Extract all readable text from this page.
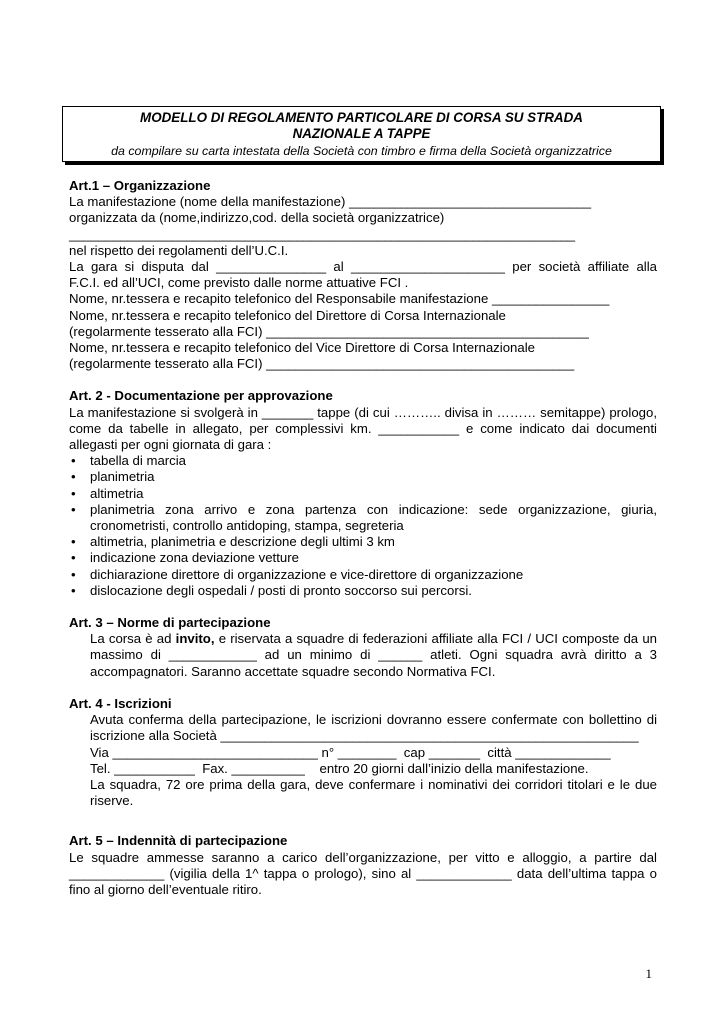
MODELLO DI REGOLAMENTO PARTICOLARE DI CORSA SU STRADA
NAZIONALE A TAPPE
da compilare su carta intestata della Società con timbro e firma della Società organizzatrice
Art.1 – Organizzazione
La manifestazione (nome della manifestazione) _________________________________
organizzata da (nome,indirizzo,cod. della società organizzatrice)
_____________________________________________________________________
nel rispetto dei regolamenti dell’U.C.I.
La gara si disputa dal _______________ al _____________________ per società affiliate alla
F.C.I. ed all’UCI, come previsto dalle norme attuative FCI .
Nome, nr.tessera e recapito telefonico del Responsabile manifestazione ________________
Nome, nr.tessera e recapito telefonico del Direttore di Corsa Internazionale
(regolarmente tesserato alla FCI) ____________________________________________
Nome, nr.tessera e recapito telefonico del Vice Direttore di Corsa Internazionale
(regolarmente tesserato alla FCI) __________________________________________
Art. 2 - Documentazione per approvazione
La manifestazione si svolgerà in _______ tappe (di cui ……….. divisa in ……… semitappe) prologo,
come da tabelle in allegato, per complessivi km. ___________ e come indicato dai documenti
allegasti per ogni giornata di gara :
• tabella di marcia
• planimetria
• altimetria
• planimetria zona arrivo e zona partenza con indicazione: sede organizzazione, giuria, cronometristi, controllo antidoping, stampa, segreteria
• altimetria, planimetria e descrizione degli ultimi 3 km
• indicazione zona deviazione vetture
• dichiarazione direttore di organizzazione e vice-direttore di organizzazione
• dislocazione degli ospedali / posti di pronto soccorso sui percorsi.
Art. 3 – Norme di partecipazione
La corsa è ad invito, e riservata a squadre di federazioni affiliate alla FCI / UCI composte da un massimo di ____________ ad un minimo di ______ atleti. Ogni squadra avrà diritto a 3 accompagnatori. Saranno accettate squadre secondo Normativa FCI.
Art. 4 - Iscrizioni
Avuta conferma della partecipazione, le iscrizioni dovranno essere confermate con bollettino di iscrizione alla Società _________________________________________________________
Via ____________________________ n° ________  cap _______  città _____________
Tel. ___________  Fax. __________    entro 20 giorni dall’inizio della manifestazione.
La squadra, 72 ore prima della gara, deve confermare i nominativi dei corridori titolari e le due riserve.
Art. 5 – Indennità di partecipazione
Le squadre ammesse saranno a carico dell’organizzazione, per vitto e alloggio, a partire dal _____________ (vigilia della 1^ tappa o prologo), sino al _____________ data dell’ultima tappa o fino al giorno dell’eventuale ritiro.
1
